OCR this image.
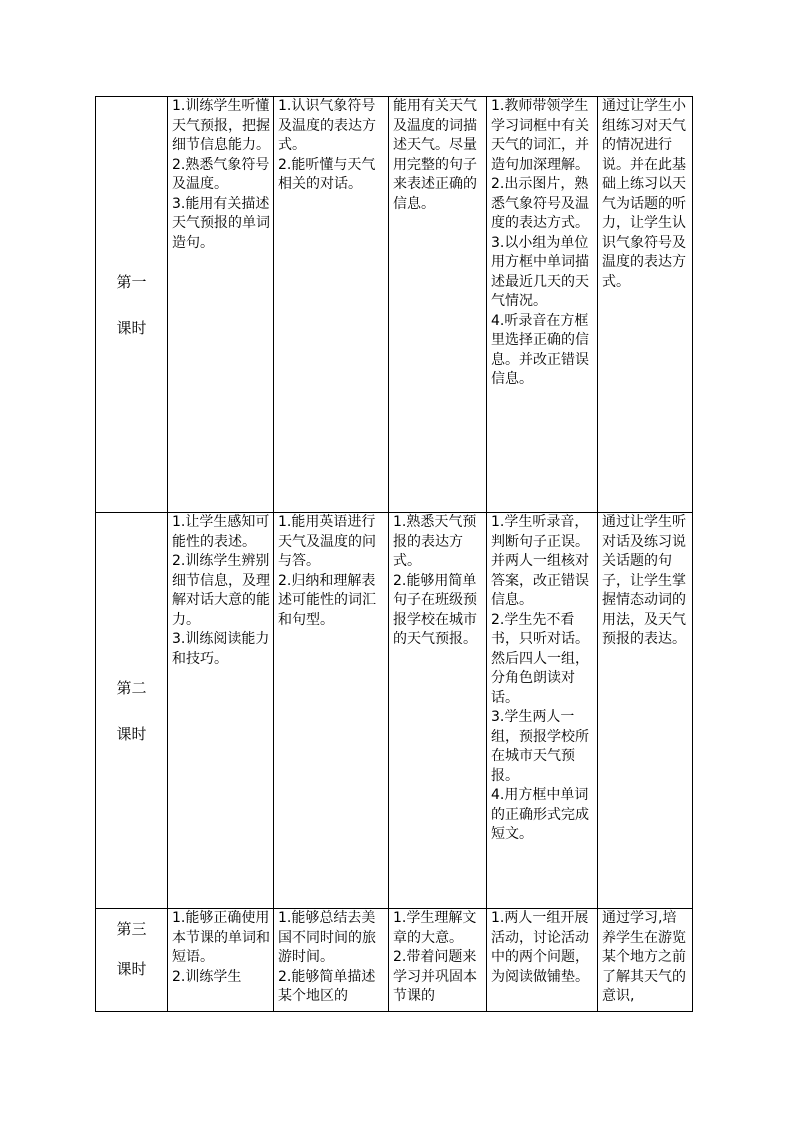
第一
课时	1.训练学生听懂天气预报，把握细节信息能力。
2.熟悉气象符号及温度。
3.能用有关描述天气预报的单词造句。	1.认识气象符号及温度的表达方式。
2.能听懂与天气相关的对话。	能用有关天气及温度的词描述天气。尽量用完整的句子来表述正确的信息。	1.教师带领学生学习词框中有关天气的词汇，并造句加深理解。
2.出示图片，熟悉气象符号及温度的表达方式。
3.以小组为单位用方框中单词描述最近几天的天气情况。
4.听录音在方框里选择正确的信息。并改正错误信息。	通过让学生小组练习对天气的情况进行说。并在此基础上练习以天气为话题的听力，让学生认识气象符号及温度的表达方式。

第二
课时	1.让学生感知可能性的表述。
2.训练学生辨别细节信息，及理解对话大意的能力。
3.训练阅读能力和技巧。	1.能用英语进行天气及温度的问与答。
2.归纳和理解表述可能性的词汇和句型。	1.熟悉天气预报的表达方式。
2.能够用简单句子在班级预报学校在城市的天气预报。	1.学生听录音，判断句子正误。并两人一组核对答案，改正错误信息。
2.学生先不看书，只听对话。然后四人一组，分角色朗读对话。
3.学生两人一组，预报学校所在城市天气预报。
4.用方框中单词的正确形式完成短文。	通过让学生听对话及练习说关话题的句子，让学生掌握情态动词的用法，及天气预报的表达。

第三
课时	1.能够正确使用本节课的单词和短语。
2.训练学生	1.能够总结去美国不同时间的旅游时间。
2.能够简单描述某个地区的	1.学生理解文章的大意。
2.带着问题来学习并巩固本节课的	1.两人一组开展活动，讨论活动中的两个问题，为阅读做铺垫。	通过学习,培养学生在游览某个地方之前了解其天气的意识,
